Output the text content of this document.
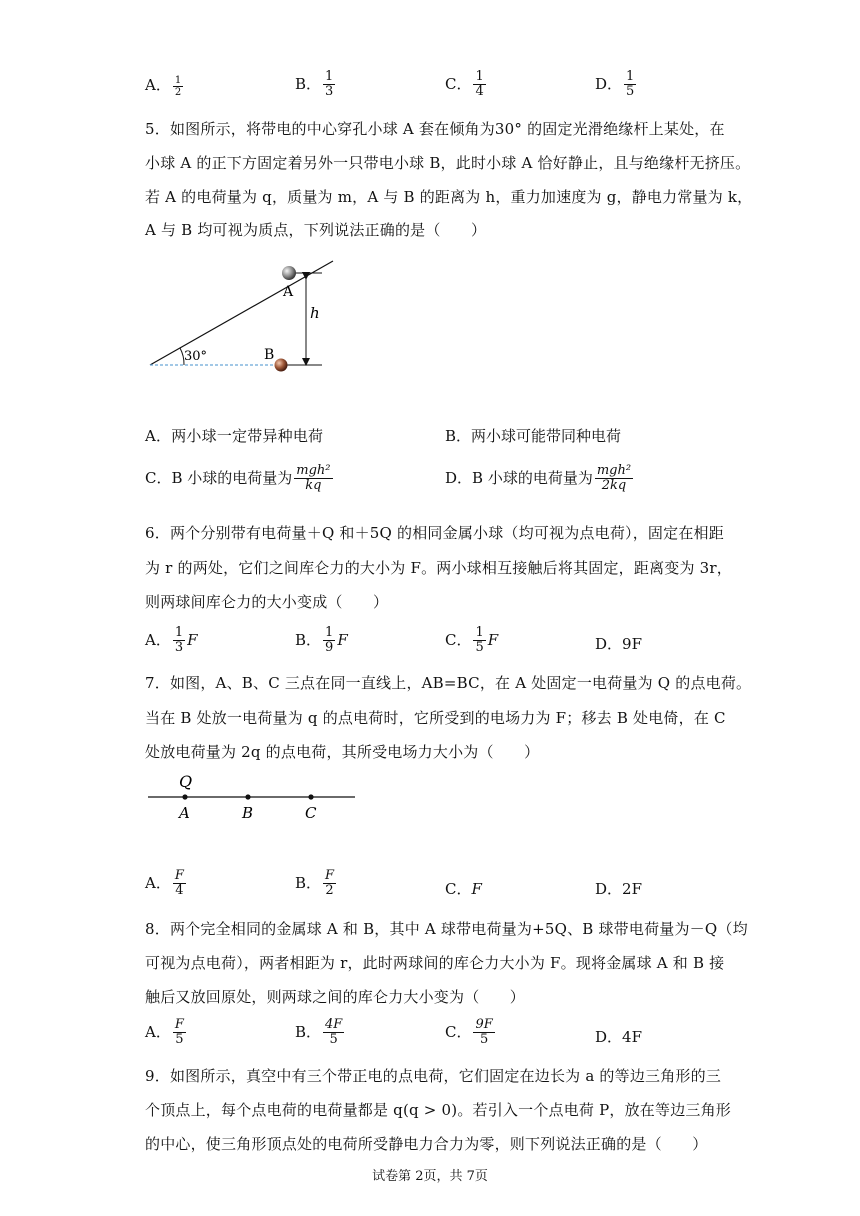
A． $\frac{1}{2}$	B． $\frac{1}{3}$	C． $\frac{1}{4}$	D． $\frac{1}{5}$
5．如图所示，将带电的中心穿孔小球 A 套在倾角为30° 的固定光滑绝缘杆上某处，在
小球 A 的正下方固定着另外一只带电小球 B，此时小球 A 恰好静止，且与绝缘杆无挤压。
若 A 的电荷量为 q，质量为 m，A 与 B 的距离为 h，重力加速度为 g，静电力常量为 k，
A 与 B 均可视为质点，下列说法正确的是（　　）
30°
h
A
B
A．两小球一定带异种电荷	B．两小球可能带同种电荷
C．B 小球的电荷量为 $\frac{\text{mgh²}}{kq}$	D．B 小球的电荷量为 $\frac{\text{mgh²}}{2kq}$
6．两个分别带有电荷量＋Q 和＋5Q 的相同金属小球（均可视为点电荷），固定在相距
为 r 的两处，它们之间库仑力的大小为 F。两小球相互接触后将其固定，距离变为 3r，
则两球间库仑力的大小变成（　　）
A． $\frac{1}{3}$ F	B． $\frac{1}{9}$ F	C． $\frac{1}{5}$ F	D．9F
7．如图，A、B、C 三点在同一直线上，AB=BC，在 A 处固定一电荷量为 Q 的点电荷。
当在 B 处放一电荷量为 q 的点电荷时，它所受到的电场力为 F；移去 B 处电倚，在 C
处放电荷量为 2q 的点电荷，其所受电场力大小为（　　）
Q
A	B	C
A． $\frac{F}{4}$	B． $\frac{F}{2}$	C．F	D．2F
8．两个完全相同的金属球 A 和 B，其中 A 球带电荷量为+5Q、B 球带电荷量为－Q（均
可视为点电荷），两者相距为 r，此时两球间的库仑力大小为 F。现将金属球 A 和 B 接
触后又放回原处，则两球之间的库仑力大小变为（　　）
A． $\frac{F}{5}$	B． $\frac{4F}{5}$	C． $\frac{9F}{5}$	D．4F
9．如图所示，真空中有三个带正电的点电荷，它们固定在边长为 a 的等边三角形的三
个顶点上，每个点电荷的电荷量都是 q(q > 0)。若引入一个点电荷 P，放在等边三角形
的中心，使三角形顶点处的电荷所受静电力合力为零，则下列说法正确的是（　　）
试卷第 2页，共 7页
